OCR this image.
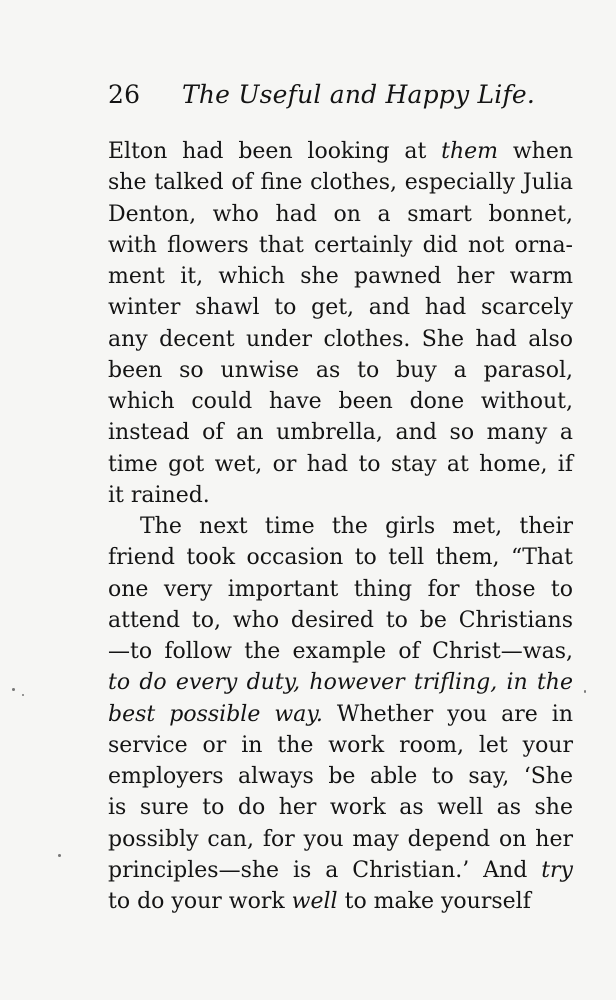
26 The Useful and Happy Life.
Elton had been looking at them when
she talked of fine clothes, especially Julia
Denton, who had on a smart bonnet,
with flowers that certainly did not orna-
ment it, which she pawned her warm
winter shawl to get, and had scarcely
any decent under clothes. She had also
been so unwise as to buy a parasol,
which could have been done without,
instead of an umbrella, and so many a
time got wet, or had to stay at home, if
it rained.
The next time the girls met, their
friend took occasion to tell them, “That
one very important thing for those to
attend to, who desired to be Christians
—to follow the example of Christ—was,
to do every duty, however trifling, in the
best possible way. Whether you are in
service or in the work room, let your
employers always be able to say, ‘She
is sure to do her work as well as she
possibly can, for you may depend on her
principles—she is a Christian.’ And try
to do your work well to make yourself
